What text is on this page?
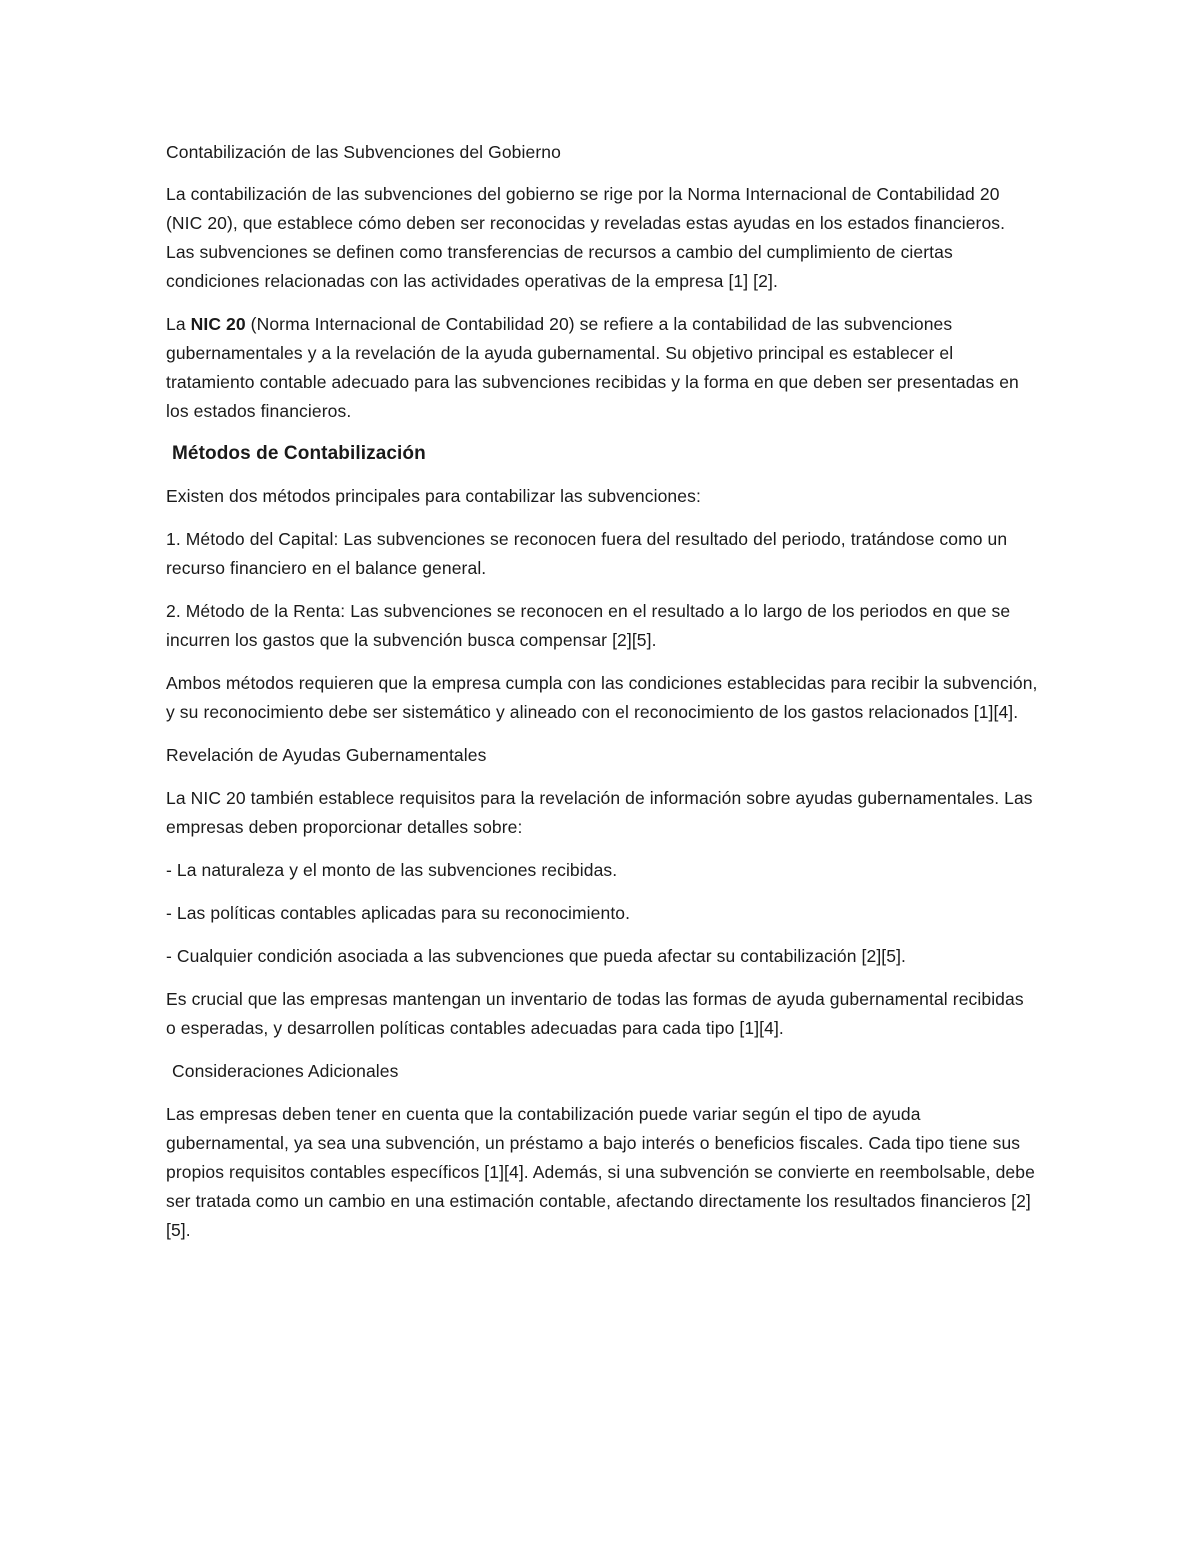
Contabilización de las Subvenciones del Gobierno

La contabilización de las subvenciones del gobierno se rige por la Norma Internacional de Contabilidad 20 (NIC 20), que establece cómo deben ser reconocidas y reveladas estas ayudas en los estados financieros. Las subvenciones se definen como transferencias de recursos a cambio del cumplimiento de ciertas condiciones relacionadas con las actividades operativas de la empresa [1] [2].

La NIC 20 (Norma Internacional de Contabilidad 20) se refiere a la contabilidad de las subvenciones gubernamentales y a la revelación de la ayuda gubernamental. Su objetivo principal es establecer el tratamiento contable adecuado para las subvenciones recibidas y la forma en que deben ser presentadas en los estados financieros.

Métodos de Contabilización

Existen dos métodos principales para contabilizar las subvenciones:

1. Método del Capital: Las subvenciones se reconocen fuera del resultado del periodo, tratándose como un recurso financiero en el balance general.

2. Método de la Renta: Las subvenciones se reconocen en el resultado a lo largo de los periodos en que se incurren los gastos que la subvención busca compensar [2][5].

Ambos métodos requieren que la empresa cumpla con las condiciones establecidas para recibir la subvención, y su reconocimiento debe ser sistemático y alineado con el reconocimiento de los gastos relacionados [1][4].

Revelación de Ayudas Gubernamentales

La NIC 20 también establece requisitos para la revelación de información sobre ayudas gubernamentales. Las empresas deben proporcionar detalles sobre:

- La naturaleza y el monto de las subvenciones recibidas.

- Las políticas contables aplicadas para su reconocimiento.

- Cualquier condición asociada a las subvenciones que pueda afectar su contabilización [2][5].

Es crucial que las empresas mantengan un inventario de todas las formas de ayuda gubernamental recibidas o esperadas, y desarrollen políticas contables adecuadas para cada tipo [1][4].

Consideraciones Adicionales

Las empresas deben tener en cuenta que la contabilización puede variar según el tipo de ayuda gubernamental, ya sea una subvención, un préstamo a bajo interés o beneficios fiscales. Cada tipo tiene sus propios requisitos contables específicos [1][4]. Además, si una subvención se convierte en reembolsable, debe ser tratada como un cambio en una estimación contable, afectando directamente los resultados financieros [2][5].
